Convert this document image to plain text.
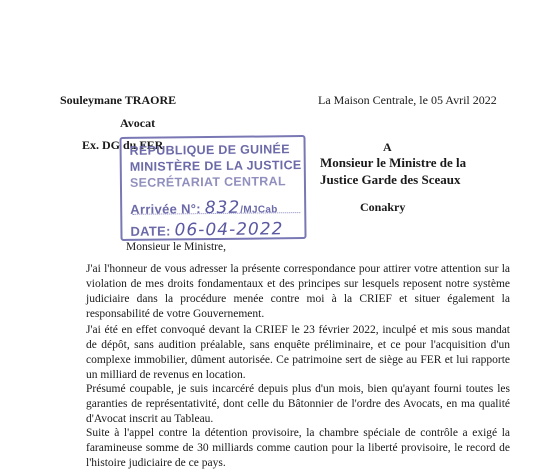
Souleymane TRAORE
Avocat
Ex. DG du FER
La Maison Centrale, le 05 Avril 2022
A
Monsieur le Ministre de la
Justice Garde des Sceaux
Conakry
RÉPUBLIQUE DE GUINÉE
MINISTÈRE DE LA JUSTICE
SECRÉTARIAT CENTRAL
Arrivée N°: 832/MJCab
DATE: 06-04-2022
Monsieur le Ministre,
J'ai l'honneur de vous adresser la présente correspondance pour attirer votre attention sur la violation de mes droits fondamentaux et des principes sur lesquels reposent notre système judiciaire dans la procédure menée contre moi à la CRIEF et situer également la responsabilité de votre Gouvernement.
J'ai été en effet convoqué devant la CRIEF le 23 février 2022, inculpé et mis sous mandat de dépôt, sans audition préalable, sans enquête préliminaire, et ce pour l'acquisition d'un complexe immobilier, dûment autorisée. Ce patrimoine sert de siège au FER et lui rapporte un milliard de revenus en location.
Présumé coupable, je suis incarcéré depuis plus d'un mois, bien qu'ayant fourni toutes les garanties de représentativité, dont celle du Bâtonnier de l'ordre des Avocats, en ma qualité d'Avocat inscrit au Tableau.
Suite à l'appel contre la détention provisoire, la chambre spéciale de contrôle a exigé la faramineuse somme de 30 milliards comme caution pour la liberté provisoire, le record de l'histoire judiciaire de ce pays.
